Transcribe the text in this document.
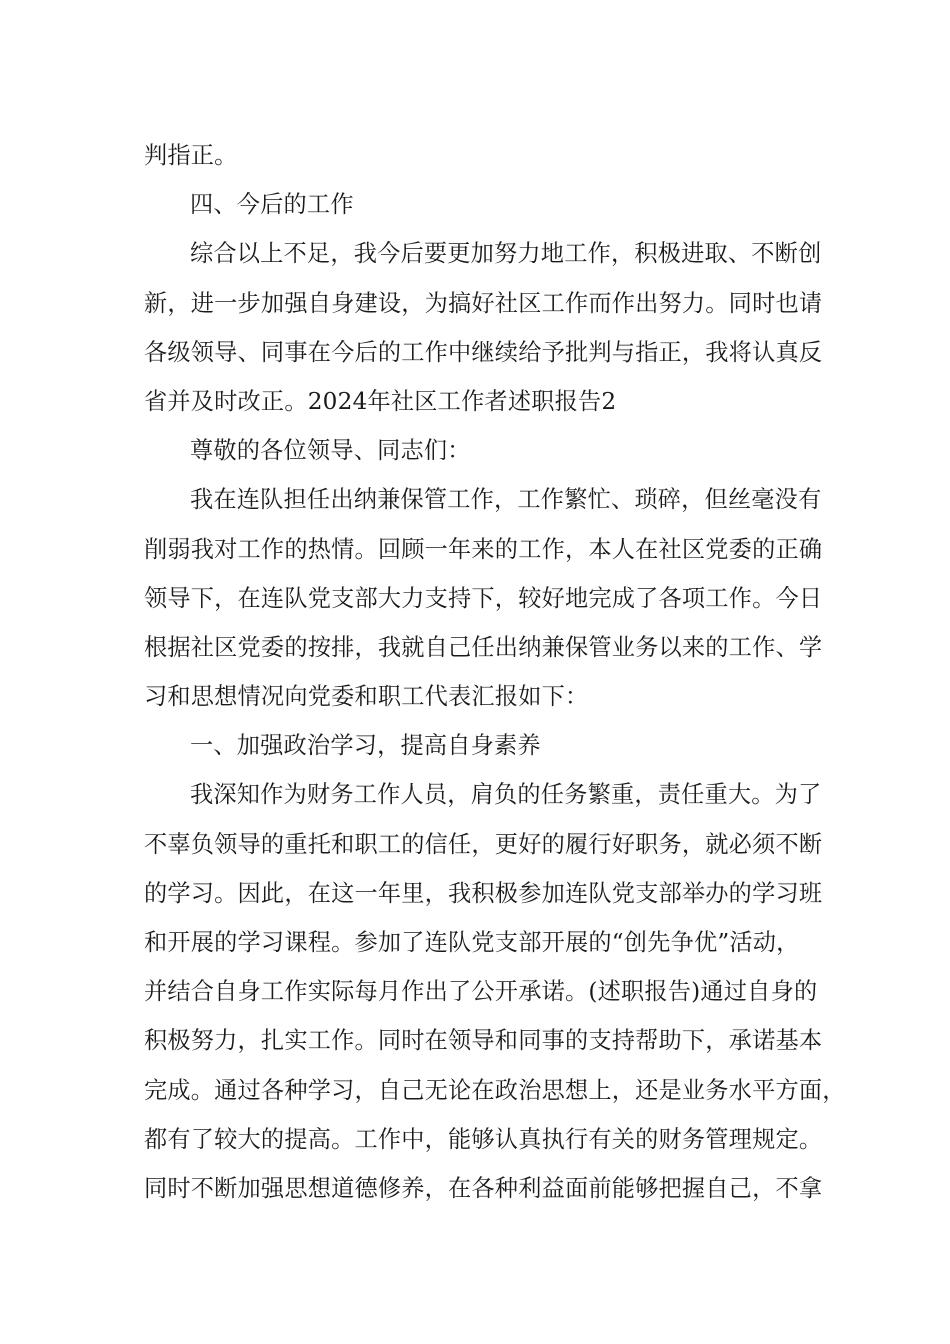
判指正。
四、今后的工作
综合以上不足，我今后要更加努力地工作，积极进取、不断创
新，进一步加强自身建设，为搞好社区工作而作出努力。同时也请
各级领导、同事在今后的工作中继续给予批判与指正，我将认真反
省并及时改正。2024年社区工作者述职报告2
尊敬的各位领导、同志们：
我在连队担任出纳兼保管工作，工作繁忙、琐碎，但丝毫没有
削弱我对工作的热情。回顾一年来的工作，本人在社区党委的正确
领导下，在连队党支部大力支持下，较好地完成了各项工作。今日
根据社区党委的按排，我就自己任出纳兼保管业务以来的工作、学
习和思想情况向党委和职工代表汇报如下：
一、加强政治学习，提高自身素养
我深知作为财务工作人员，肩负的任务繁重，责任重大。为了
不辜负领导的重托和职工的信任，更好的履行好职务，就必须不断
的学习。因此，在这一年里，我积极参加连队党支部举办的学习班
和开展的学习课程。参加了连队党支部开展的“创先争优”活动，
并结合自身工作实际每月作出了公开承诺。(述职报告)通过自身的
积极努力，扎实工作。同时在领导和同事的支持帮助下，承诺基本
完成。通过各种学习，自己无论在政治思想上，还是业务水平方面，
都有了较大的提高。工作中，能够认真执行有关的财务管理规定。
同时不断加强思想道德修养，在各种利益面前能够把握自己，不拿
